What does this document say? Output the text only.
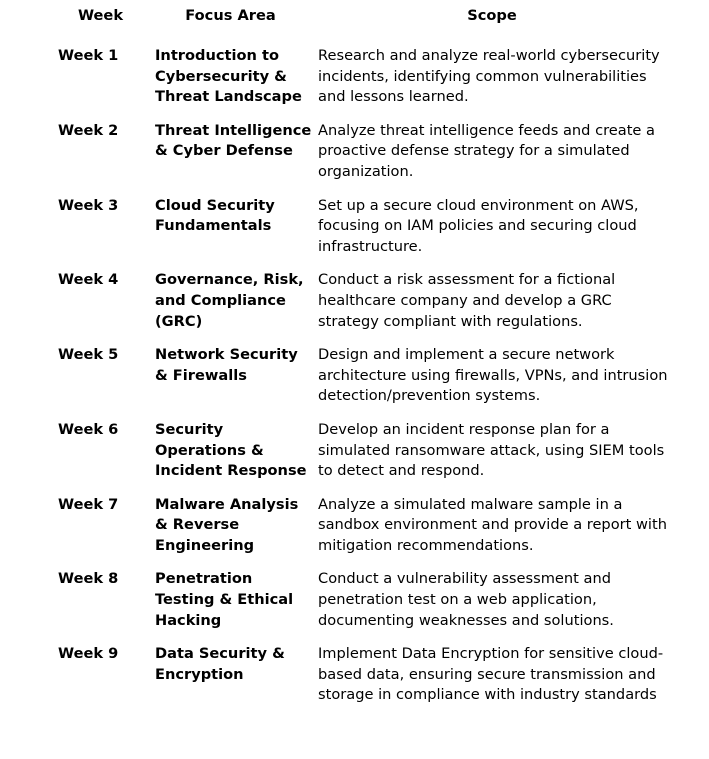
Week	Focus Area	Scope
Week 1	Introduction to Cybersecurity & Threat Landscape	Research and analyze real-world cybersecurity incidents, identifying common vulnerabilities and lessons learned.
Week 2	Threat Intelligence & Cyber Defense	Analyze threat intelligence feeds and create a proactive defense strategy for a simulated organization.
Week 3	Cloud Security Fundamentals	Set up a secure cloud environment on AWS, focusing on IAM policies and securing cloud infrastructure.
Week 4	Governance, Risk, and Compliance (GRC)	Conduct a risk assessment for a fictional healthcare company and develop a GRC strategy compliant with regulations.
Week 5	Network Security & Firewalls	Design and implement a secure network architecture using firewalls, VPNs, and intrusion detection/prevention systems.
Week 6	Security Operations & Incident Response	Develop an incident response plan for a simulated ransomware attack, using SIEM tools to detect and respond.
Week 7	Malware Analysis & Reverse Engineering	Analyze a simulated malware sample in a sandbox environment and provide a report with mitigation recommendations.
Week 8	Penetration Testing & Ethical Hacking	Conduct a vulnerability assessment and penetration test on a web application, documenting weaknesses and solutions.
Week 9	Data Security & Encryption	Implement Data Encryption for sensitive cloud-based data, ensuring secure transmission and storage in compliance with industry standards
